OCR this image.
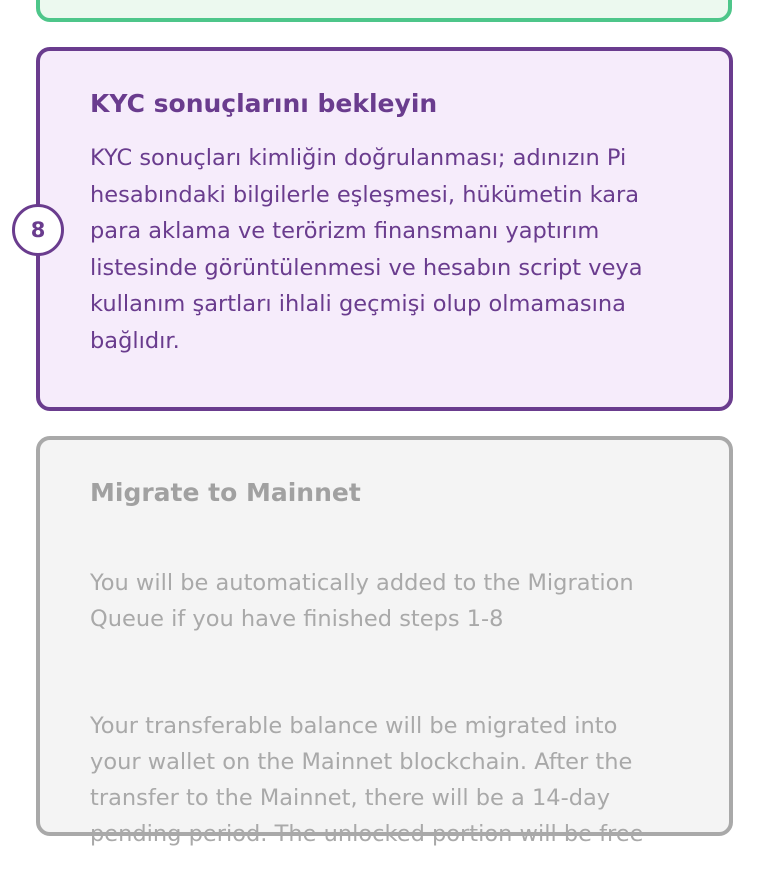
8
KYC sonuçlarını bekleyin
KYC sonuçları kimliğin doğrulanması; adınızın Pi
hesabındaki bilgilerle eşleşmesi, hükümetin kara
para aklama ve terörizm finansmanı yaptırım
listesinde görüntülenmesi ve hesabın script veya
kullanım şartları ihlali geçmişi olup olmamasına
bağlıdır.
Migrate to Mainnet

You will be automatically added to the Migration
Queue if you have finished steps 1-8

Your transferable balance will be migrated into
your wallet on the Mainnet blockchain. After the
transfer to the Mainnet, there will be a 14-day
pending period. The unlocked portion will be free
